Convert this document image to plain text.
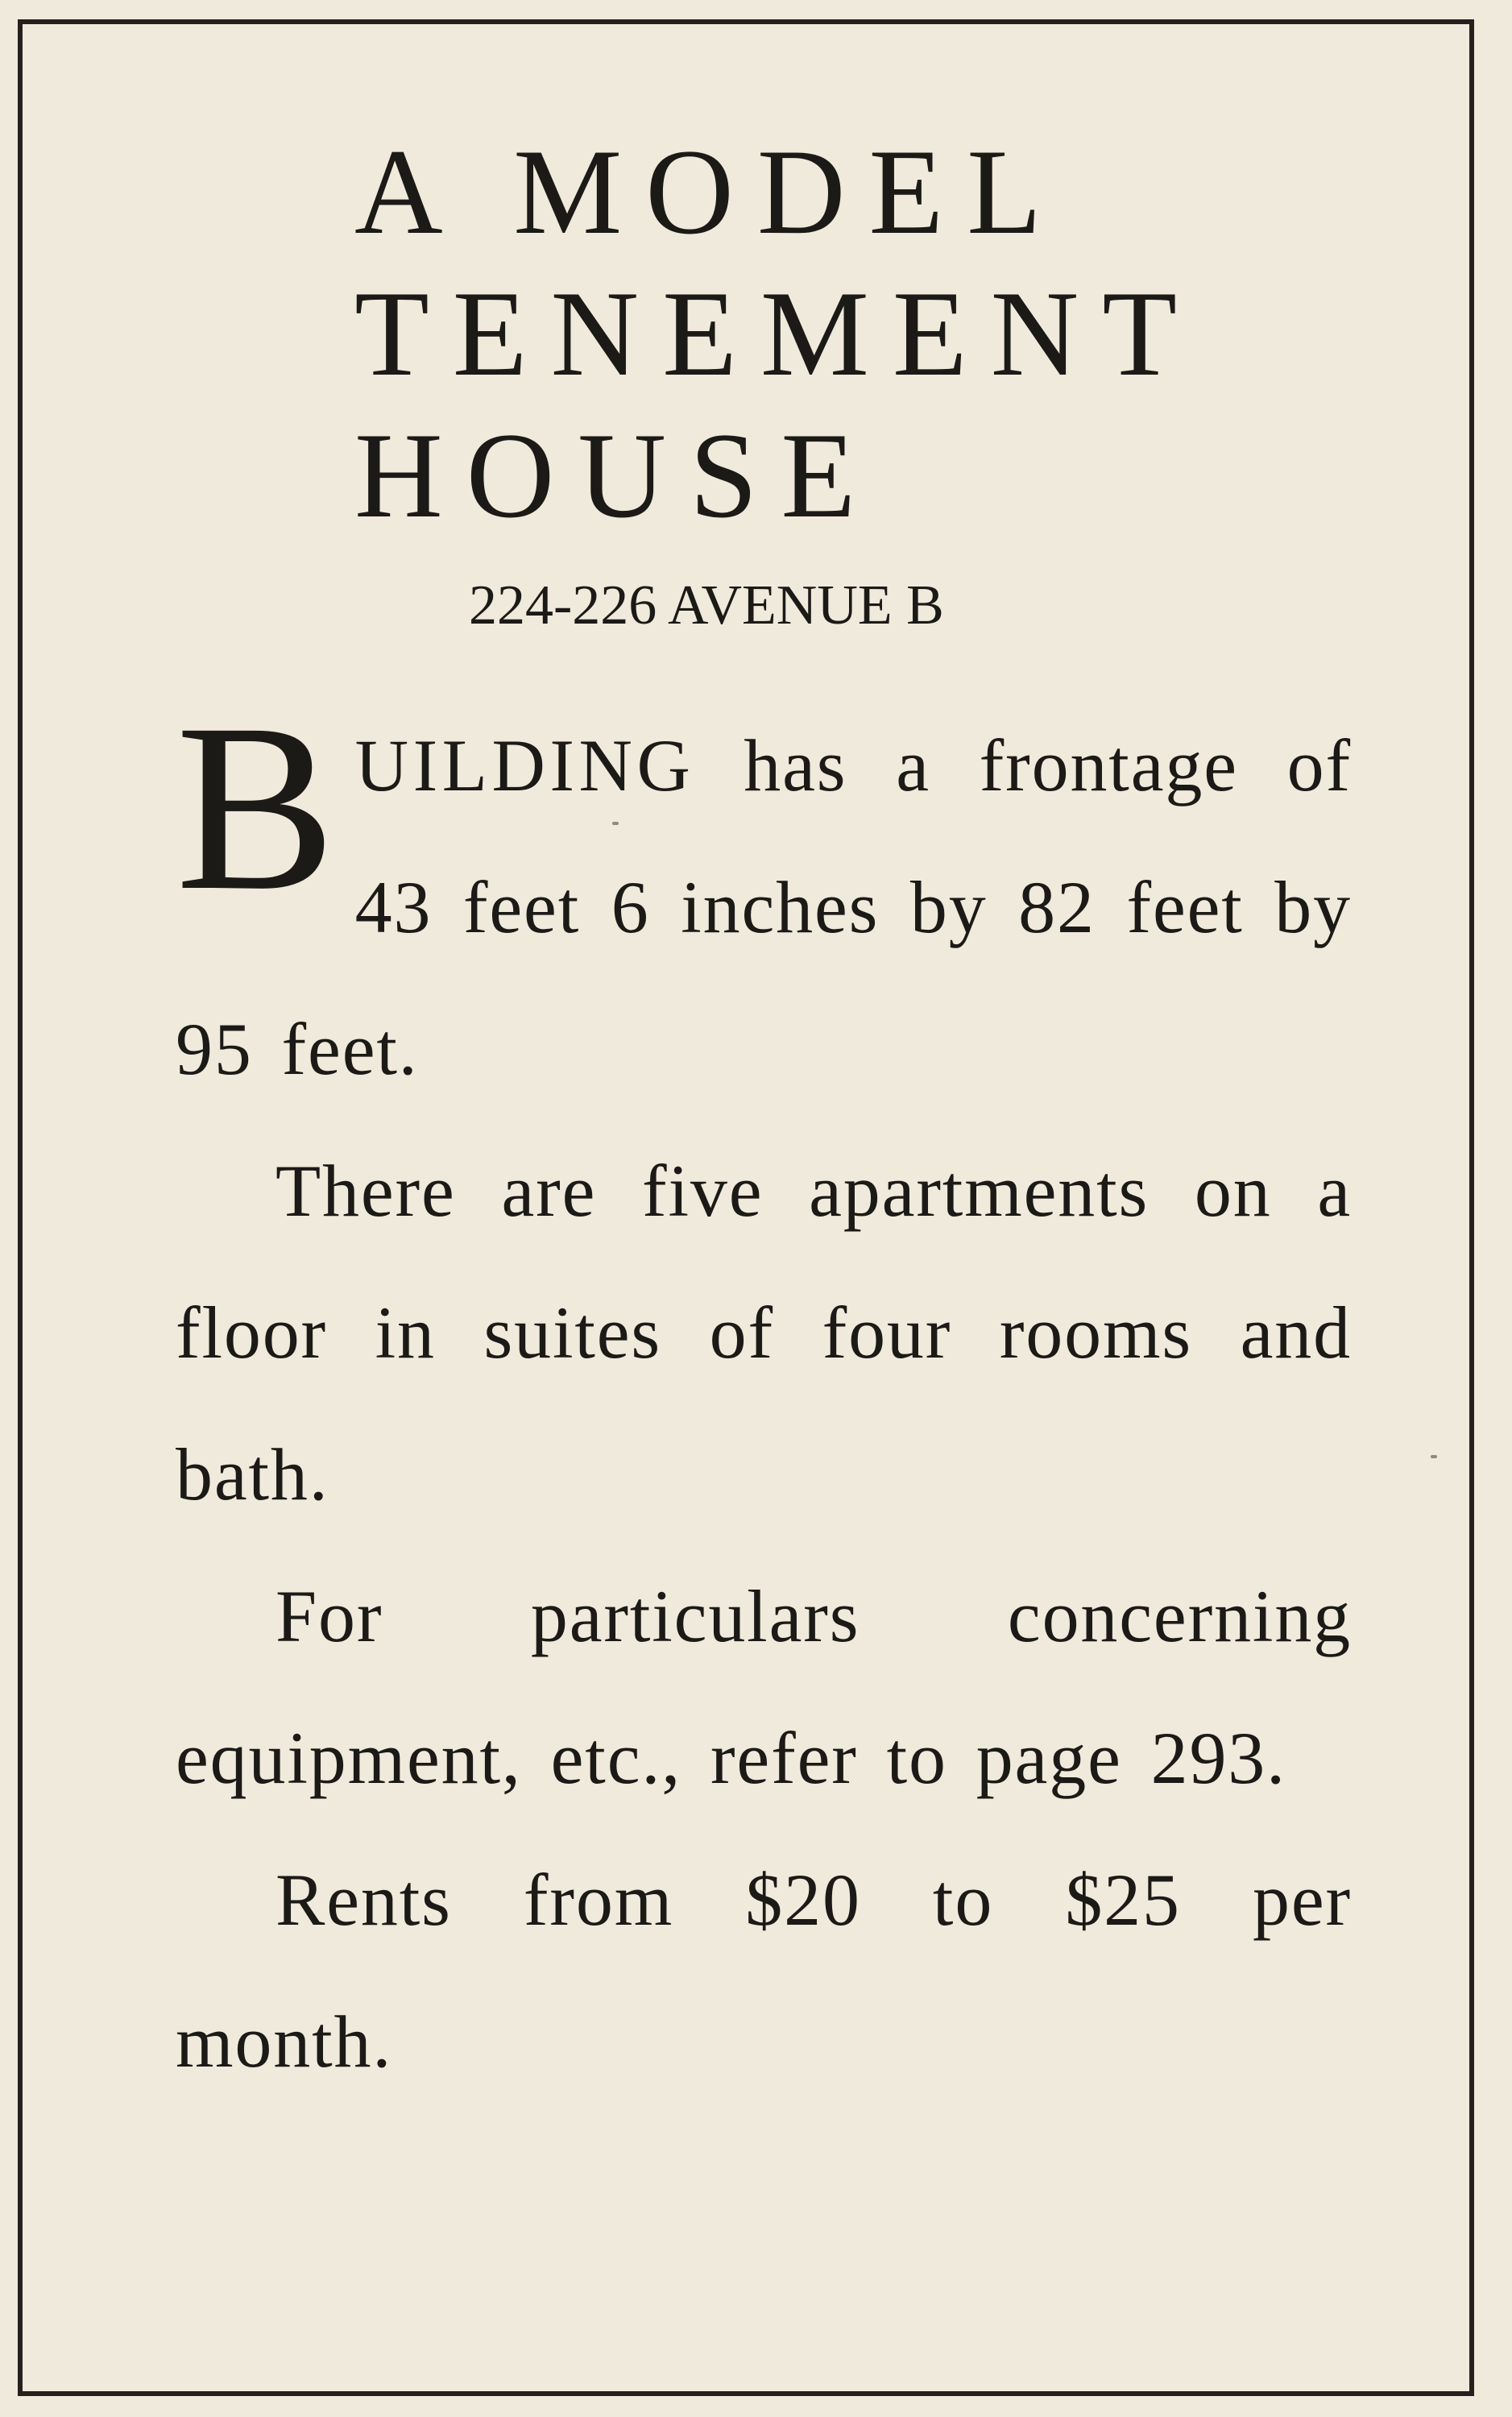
A MODEL
TENEMENT
HOUSE
224-226 AVENUE B

BUILDING has a frontage of 43 feet 6 inches by 82 feet by 95 feet.

There are five apartments on a floor in suites of four rooms and bath.

For particulars concerning equipment, etc., refer to page 293.

Rents from $20 to $25 per month.
